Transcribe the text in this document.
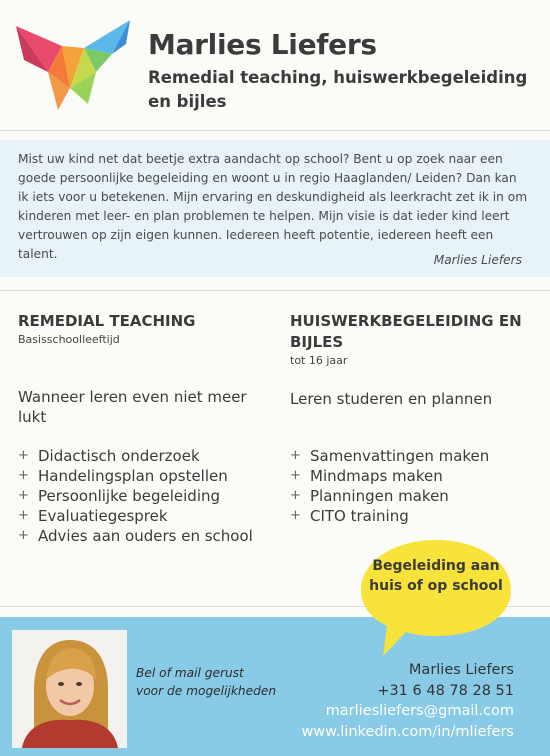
Marlies Liefers
Remedial teaching, huiswerkbegeleiding en bijles
Mist uw kind net dat beetje extra aandacht op school? Bent u op zoek naar een goede persoonlijke begeleiding en woont u in regio Haaglanden/ Leiden? Dan kan ik iets voor u betekenen. Mijn ervaring en deskundigheid als leerkracht zet ik in om kinderen met leer- en plan problemen te helpen. Mijn visie is dat ieder kind leert vertrouwen op zijn eigen kunnen. Iedereen heeft potentie, iedereen heeft een talent.	Marlies Liefers
REMEDIAL TEACHING
Basisschoolleeftijd
Wanneer leren even niet meer lukt
+ Didactisch onderzoek
+ Handelingsplan opstellen
+ Persoonlijke begeleiding
+ Evaluatiegesprek
+ Advies aan ouders en school
HUISWERKBEGELEIDING EN BIJLES
tot 16 jaar
Leren studeren en plannen
+ Samenvattingen maken
+ Mindmaps maken
+ Planningen maken
+ CITO training
Begeleiding aan huis of op school
Bel of mail gerust
voor de mogelijkheden
Marlies Liefers
+31 6 48 78 28 51
marliesliefers@gmail.com
www.linkedin.com/in/mliefers
